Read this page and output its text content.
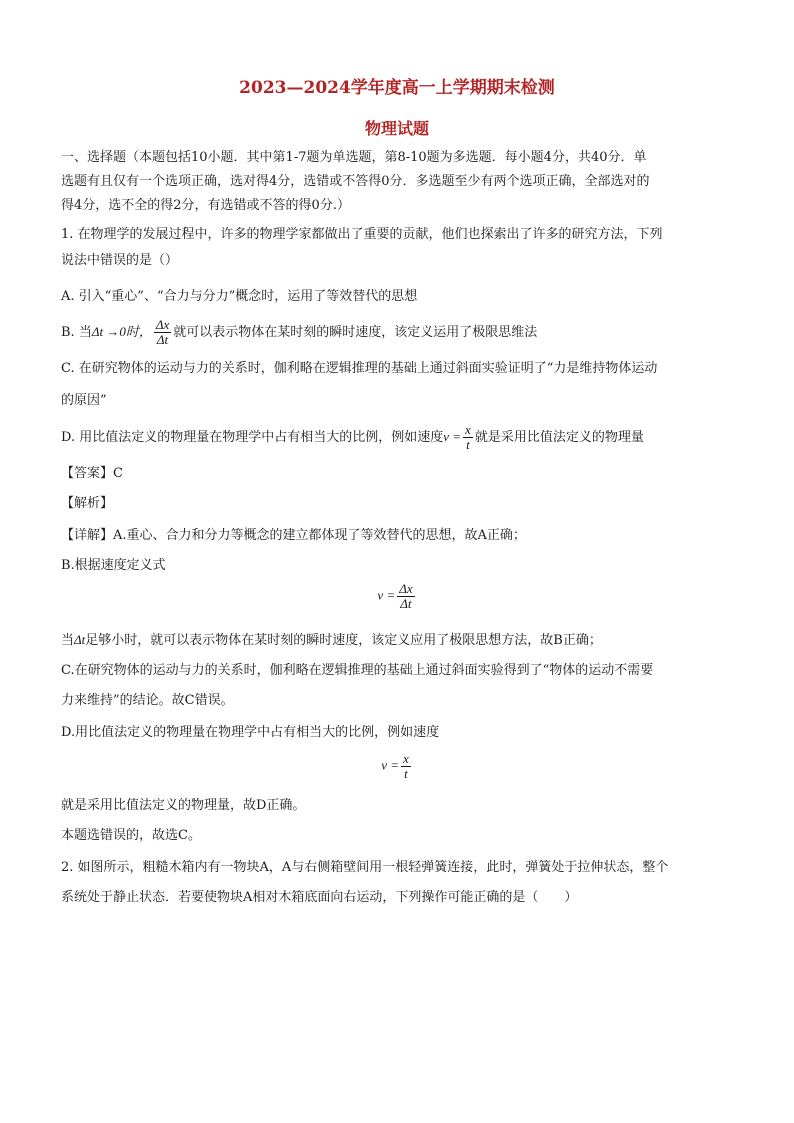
2023—2024学年度高一上学期期末检测
物理试题
一、选择题（本题包括10小题．其中第1-7题为单选题，第8-10题为多选题．每小题4分，共40分．单
选题有且仅有一个选项正确，选对得4分，选错或不答得0分．多选题至少有两个选项正确，全部选对的
得4分，选不全的得2分，有选错或不答的得0分.）
1. 在物理学的发展过程中，许多的物理学家都做出了重要的贡献，他们也探索出了许多的研究方法，下列
说法中错误的是（）
A. 引入“重心”、“合力与分力”概念时，运用了等效替代的思想
B. 当Δt →0时， $\frac{\Delta x}{\Delta t}$ 就可以表示物体在某时刻的瞬时速度，该定义运用了极限思维法
C. 在研究物体的运动与力的关系时，伽利略在逻辑推理的基础上通过斜面实验证明了“力是维持物体运动
的原因”
D. 用比值法定义的物理量在物理学中占有相当大的比例，例如速度$v = \frac{x}{t}$ 就是采用比值法定义的物理量
【答案】C
【解析】
【详解】A.重心、合力和分力等概念的建立都体现了等效替代的思想，故A正确；
B.根据速度定义式
$v = \frac{\Delta x}{\Delta t}$
当Δt足够小时，就可以表示物体在某时刻的瞬时速度，该定义应用了极限思想方法，故B正确；
C.在研究物体的运动与力的关系时，伽利略在逻辑推理的基础上通过斜面实验得到了“物体的运动不需要
力来维持”的结论。故C错误。
D.用比值法定义的物理量在物理学中占有相当大的比例，例如速度
$v = \frac{x}{t}$
就是采用比值法定义的物理量，故D正确。
本题选错误的，故选C。
2. 如图所示，粗糙木箱内有一物块A，A与右侧箱壁间用一根轻弹簧连接，此时，弹簧处于拉伸状态，整个
系统处于静止状态．若要使物块A相对木箱底面向右运动，下列操作可能正确的是（　　）
